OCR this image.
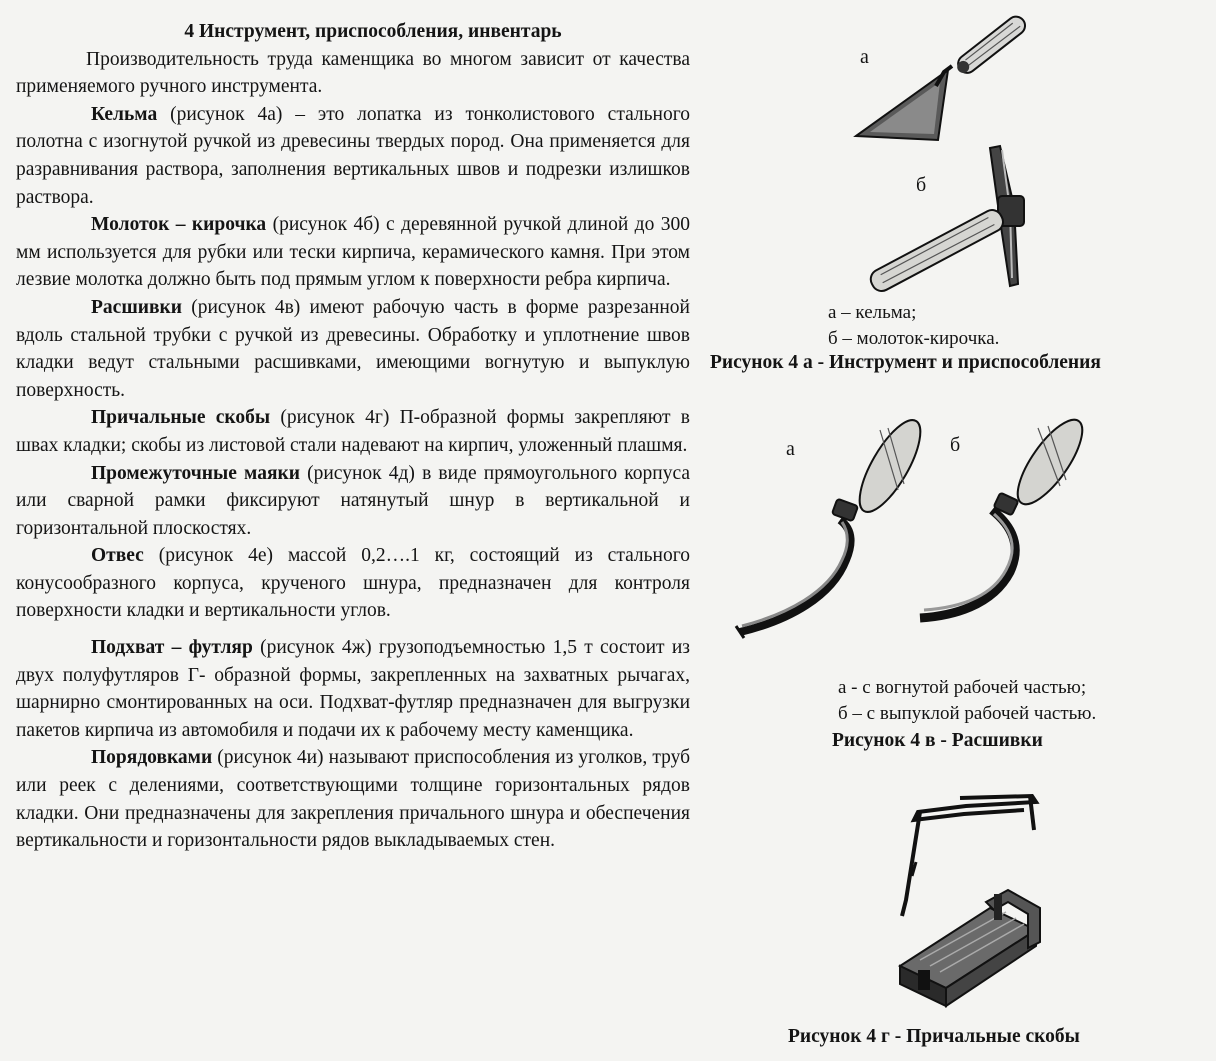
4 Инструмент, приспособления, инвентарь

Производительность труда каменщика во многом зависит от качества применяемого ручного инструмента.

Кельма (рисунок 4а) – это лопатка из тонколистового стального полотна с изогнутой ручкой из древесины твердых пород. Она применяется для разравнивания раствора, заполнения вертикальных швов и подрезки излишков раствора.

Молоток – кирочка (рисунок 4б) с деревянной ручкой длиной до 300 мм используется для рубки или тески кирпича, керамического камня. При этом лезвие молотка должно быть под прямым углом к поверхности ребра кирпича.

Расшивки (рисунок 4в) имеют рабочую часть в форме разрезанной вдоль стальной трубки с ручкой из древесины. Обработку и уплотнение швов кладки ведут стальными расшивками, имеющими вогнутую и выпуклую поверхность.

Причальные скобы (рисунок 4г) П-образной формы закрепляют в швах кладки; скобы из листовой стали надевают на кирпич, уложенный плашмя.

Промежуточные маяки (рисунок 4д) в виде прямоугольного корпуса или сварной рамки фиксируют натянутый шнур в вертикальной и горизонтальной плоскостях.

Отвес (рисунок 4е) массой 0,2….1 кг, состоящий из стального конусообразного корпуса, крученого шнура, предназначен для контроля поверхности кладки и вертикальности углов.

Подхват – футляр (рисунок 4ж) грузоподъемностью 1,5 т состоит из двух полуфутляров Г- образной формы, закрепленных на захватных рычагах, шарнирно смонтированных на оси. Подхват-футляр предназначен для выгрузки пакетов кирпича из автомобиля и подачи их к рабочему месту каменщика.

Порядовками (рисунок 4и) называют приспособления из уголков, труб или реек с делениями, соответствующими толщине горизонтальных рядов кладки. Они предназначены для закрепления причального шнура и обеспечения вертикальности и горизонтальности рядов выкладываемых стен.

а
б
а – кельма;
б – молоток-кирочка.
Рисунок 4 а - Инструмент и приспособления
а	б
а - с вогнутой рабочей частью;
б – с выпуклой рабочей частью.
Рисунок 4 в - Расшивки
Рисунок 4 г - Причальные скобы
